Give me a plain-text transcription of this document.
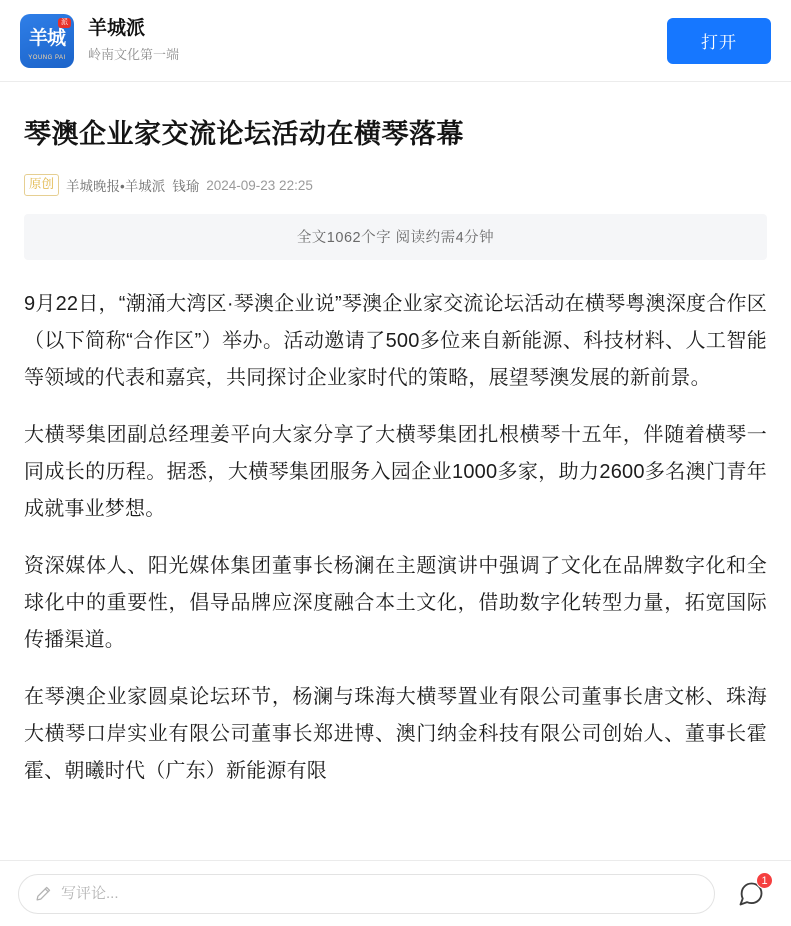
羊城
YOUNG PAI
派 羊城派
岭南文化第一端
打开
琴澳企业家交流论坛活动在横琴落幕
原创 羊城晚报•羊城派 钱瑜 2024-09-23 22:25
全文1062个字 阅读约需4分钟

9月22日，“潮涌大湾区·琴澳企业说”琴澳企业家交流论坛活动在横琴粤澳深度合作区（以下简称“合作区”）举办。活动邀请了500多位来自新能源、科技材料、人工智能等领域的代表和嘉宾，共同探讨企业家时代的策略，展望琴澳发展的新前景。

大横琴集团副总经理姜平向大家分享了大横琴集团扎根横琴十五年，伴随着横琴一同成长的历程。据悉，大横琴集团服务入园企业1000多家，助力2600多名澳门青年成就事业梦想。

资深媒体人、阳光媒体集团董事长杨澜在主题演讲中强调了文化在品牌数字化和全球化中的重要性，倡导品牌应深度融合本土文化，借助数字化转型力量，拓宽国际传播渠道。

在琴澳企业家圆桌论坛环节，杨澜与珠海大横琴置业有限公司董事长唐文彬、珠海大横琴口岸实业有限公司董事长郑进博、澳门纳金科技有限公司创始人、董事长霍霍、朝曦时代（广东）新能源有限

写评论...
1
